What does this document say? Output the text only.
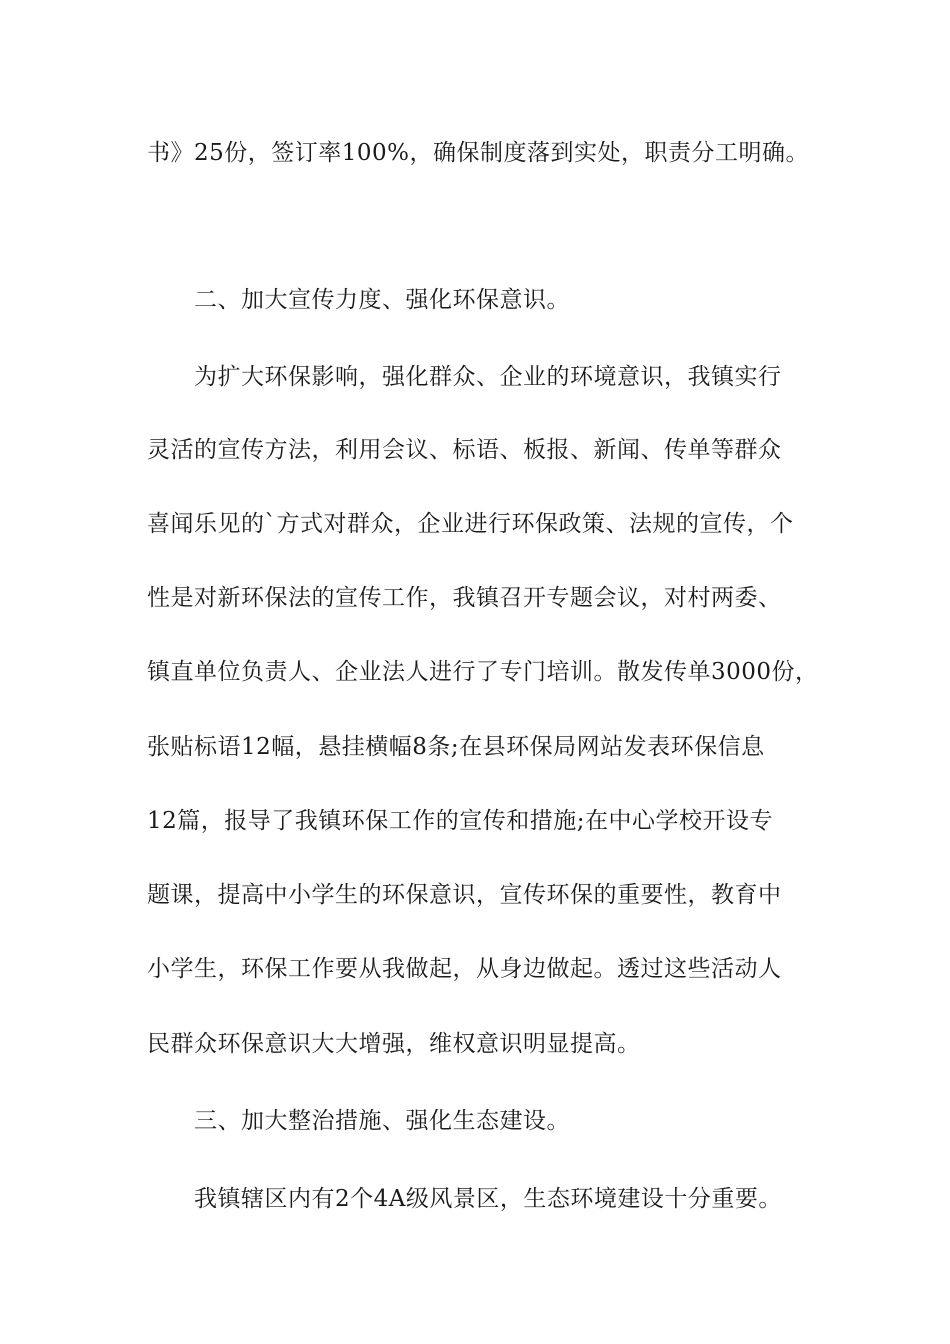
书》25份，签订率100%，确保制度落到实处，职责分工明确。
二、加大宣传力度、强化环保意识。
为扩大环保影响，强化群众、企业的环境意识，我镇实行
灵活的宣传方法，利用会议、标语、板报、新闻、传单等群众
喜闻乐见的`方式对群众，企业进行环保政策、法规的宣传，个
性是对新环保法的宣传工作，我镇召开专题会议，对村两委、
镇直单位负责人、企业法人进行了专门培训。散发传单3000份，
张贴标语12幅，悬挂横幅8条;在县环保局网站发表环保信息
12篇，报导了我镇环保工作的宣传和措施;在中心学校开设专
题课，提高中小学生的环保意识，宣传环保的重要性，教育中
小学生，环保工作要从我做起，从身边做起。透过这些活动人
民群众环保意识大大增强，维权意识明显提高。
三、加大整治措施、强化生态建设。
我镇辖区内有2个4A级风景区，生态环境建设十分重要。
